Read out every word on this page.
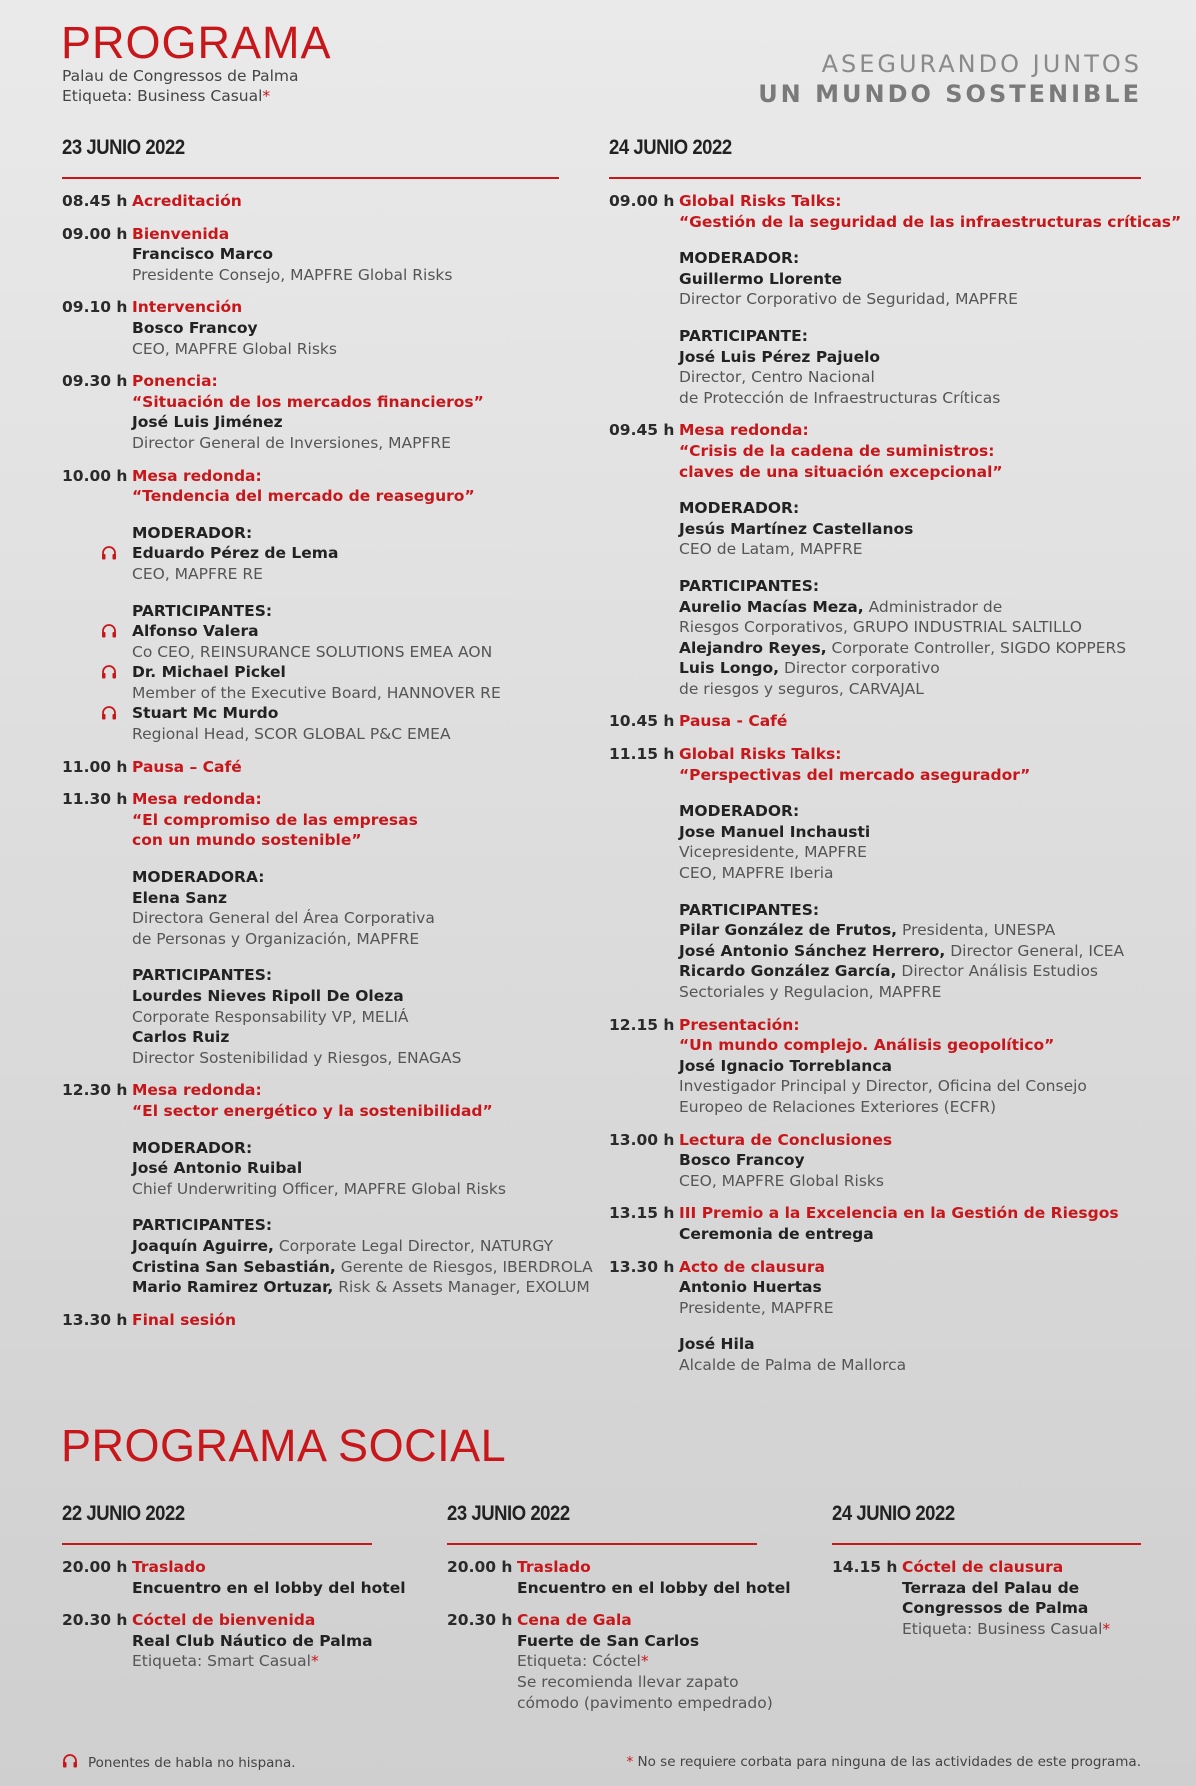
PROGRAMA
Palau de Congressos de Palma
Etiqueta: Business Casual*
ASEGURANDO JUNTOS
UN MUNDO SOSTENIBLE
23 JUNIO 2022	24 JUNIO 2022
08.45 h Acreditación
09.00 h Bienvenida
Francisco Marco
Presidente Consejo, MAPFRE Global Risks
09.10 h Intervención
Bosco Francoy
CEO, MAPFRE Global Risks
09.30 h Ponencia:
“Situación de los mercados financieros”
José Luis Jiménez
Director General de Inversiones, MAPFRE
10.00 h Mesa redonda:
“Tendencia del mercado de reaseguro”
MODERADOR:
Eduardo Pérez de Lema
CEO, MAPFRE RE
PARTICIPANTES:
Alfonso Valera
Co CEO, REINSURANCE SOLUTIONS EMEA AON
Dr. Michael Pickel
Member of the Executive Board, HANNOVER RE
Stuart Mc Murdo
Regional Head, SCOR GLOBAL P&C EMEA
11.00 h Pausa – Café
11.30 h Mesa redonda:
“El compromiso de las empresas
con un mundo sostenible”
MODERADORA:
Elena Sanz
Directora General del Área Corporativa
de Personas y Organización, MAPFRE
PARTICIPANTES:
Lourdes Nieves Ripoll De Oleza
Corporate Responsability VP, MELIÁ
Carlos Ruiz
Director Sostenibilidad y Riesgos, ENAGAS
12.30 h Mesa redonda:
“El sector energético y la sostenibilidad”
MODERADOR:
José Antonio Ruibal
Chief Underwriting Officer, MAPFRE Global Risks
PARTICIPANTES:
Joaquín Aguirre, Corporate Legal Director, NATURGY
Cristina San Sebastián, Gerente de Riesgos, IBERDROLA
Mario Ramirez Ortuzar, Risk & Assets Manager, EXOLUM
13.30 h Final sesión
09.00 h Global Risks Talks:
“Gestión de la seguridad de las infraestructuras críticas”
MODERADOR:
Guillermo Llorente
Director Corporativo de Seguridad, MAPFRE
PARTICIPANTE:
José Luis Pérez Pajuelo
Director, Centro Nacional
de Protección de Infraestructuras Críticas
09.45 h Mesa redonda:
“Crisis de la cadena de suministros:
claves de una situación excepcional”
MODERADOR:
Jesús Martínez Castellanos
CEO de Latam, MAPFRE
PARTICIPANTES:
Aurelio Macías Meza, Administrador de
Riesgos Corporativos, GRUPO INDUSTRIAL SALTILLO
Alejandro Reyes, Corporate Controller, SIGDO KOPPERS
Luis Longo, Director corporativo
de riesgos y seguros, CARVAJAL
10.45 h Pausa - Café
11.15 h Global Risks Talks:
“Perspectivas del mercado asegurador”
MODERADOR:
Jose Manuel Inchausti
Vicepresidente, MAPFRE
CEO, MAPFRE Iberia
PARTICIPANTES:
Pilar González de Frutos, Presidenta, UNESPA
José Antonio Sánchez Herrero, Director General, ICEA
Ricardo González García, Director Análisis Estudios
Sectoriales y Regulacion, MAPFRE
12.15 h Presentación:
“Un mundo complejo. Análisis geopolítico”
José Ignacio Torreblanca
Investigador Principal y Director, Oficina del Consejo
Europeo de Relaciones Exteriores (ECFR)
13.00 h Lectura de Conclusiones
Bosco Francoy
CEO, MAPFRE Global Risks
13.15 h III Premio a la Excelencia en la Gestión de Riesgos
Ceremonia de entrega
13.30 h Acto de clausura
Antonio Huertas
Presidente, MAPFRE
José Hila
Alcalde de Palma de Mallorca
PROGRAMA SOCIAL
22 JUNIO 2022	23 JUNIO 2022	24 JUNIO 2022
20.00 h Traslado
Encuentro en el lobby del hotel
20.30 h Cóctel de bienvenida
Real Club Náutico de Palma
Etiqueta: Smart Casual*
20.00 h Traslado
Encuentro en el lobby del hotel
20.30 h Cena de Gala
Fuerte de San Carlos
Etiqueta: Cóctel*
Se recomienda llevar zapato
cómodo (pavimento empedrado)
14.15 h Cóctel de clausura
Terraza del Palau de
Congressos de Palma
Etiqueta: Business Casual*
Ponentes de habla no hispana.	* No se requiere corbata para ninguna de las actividades de este programa.
